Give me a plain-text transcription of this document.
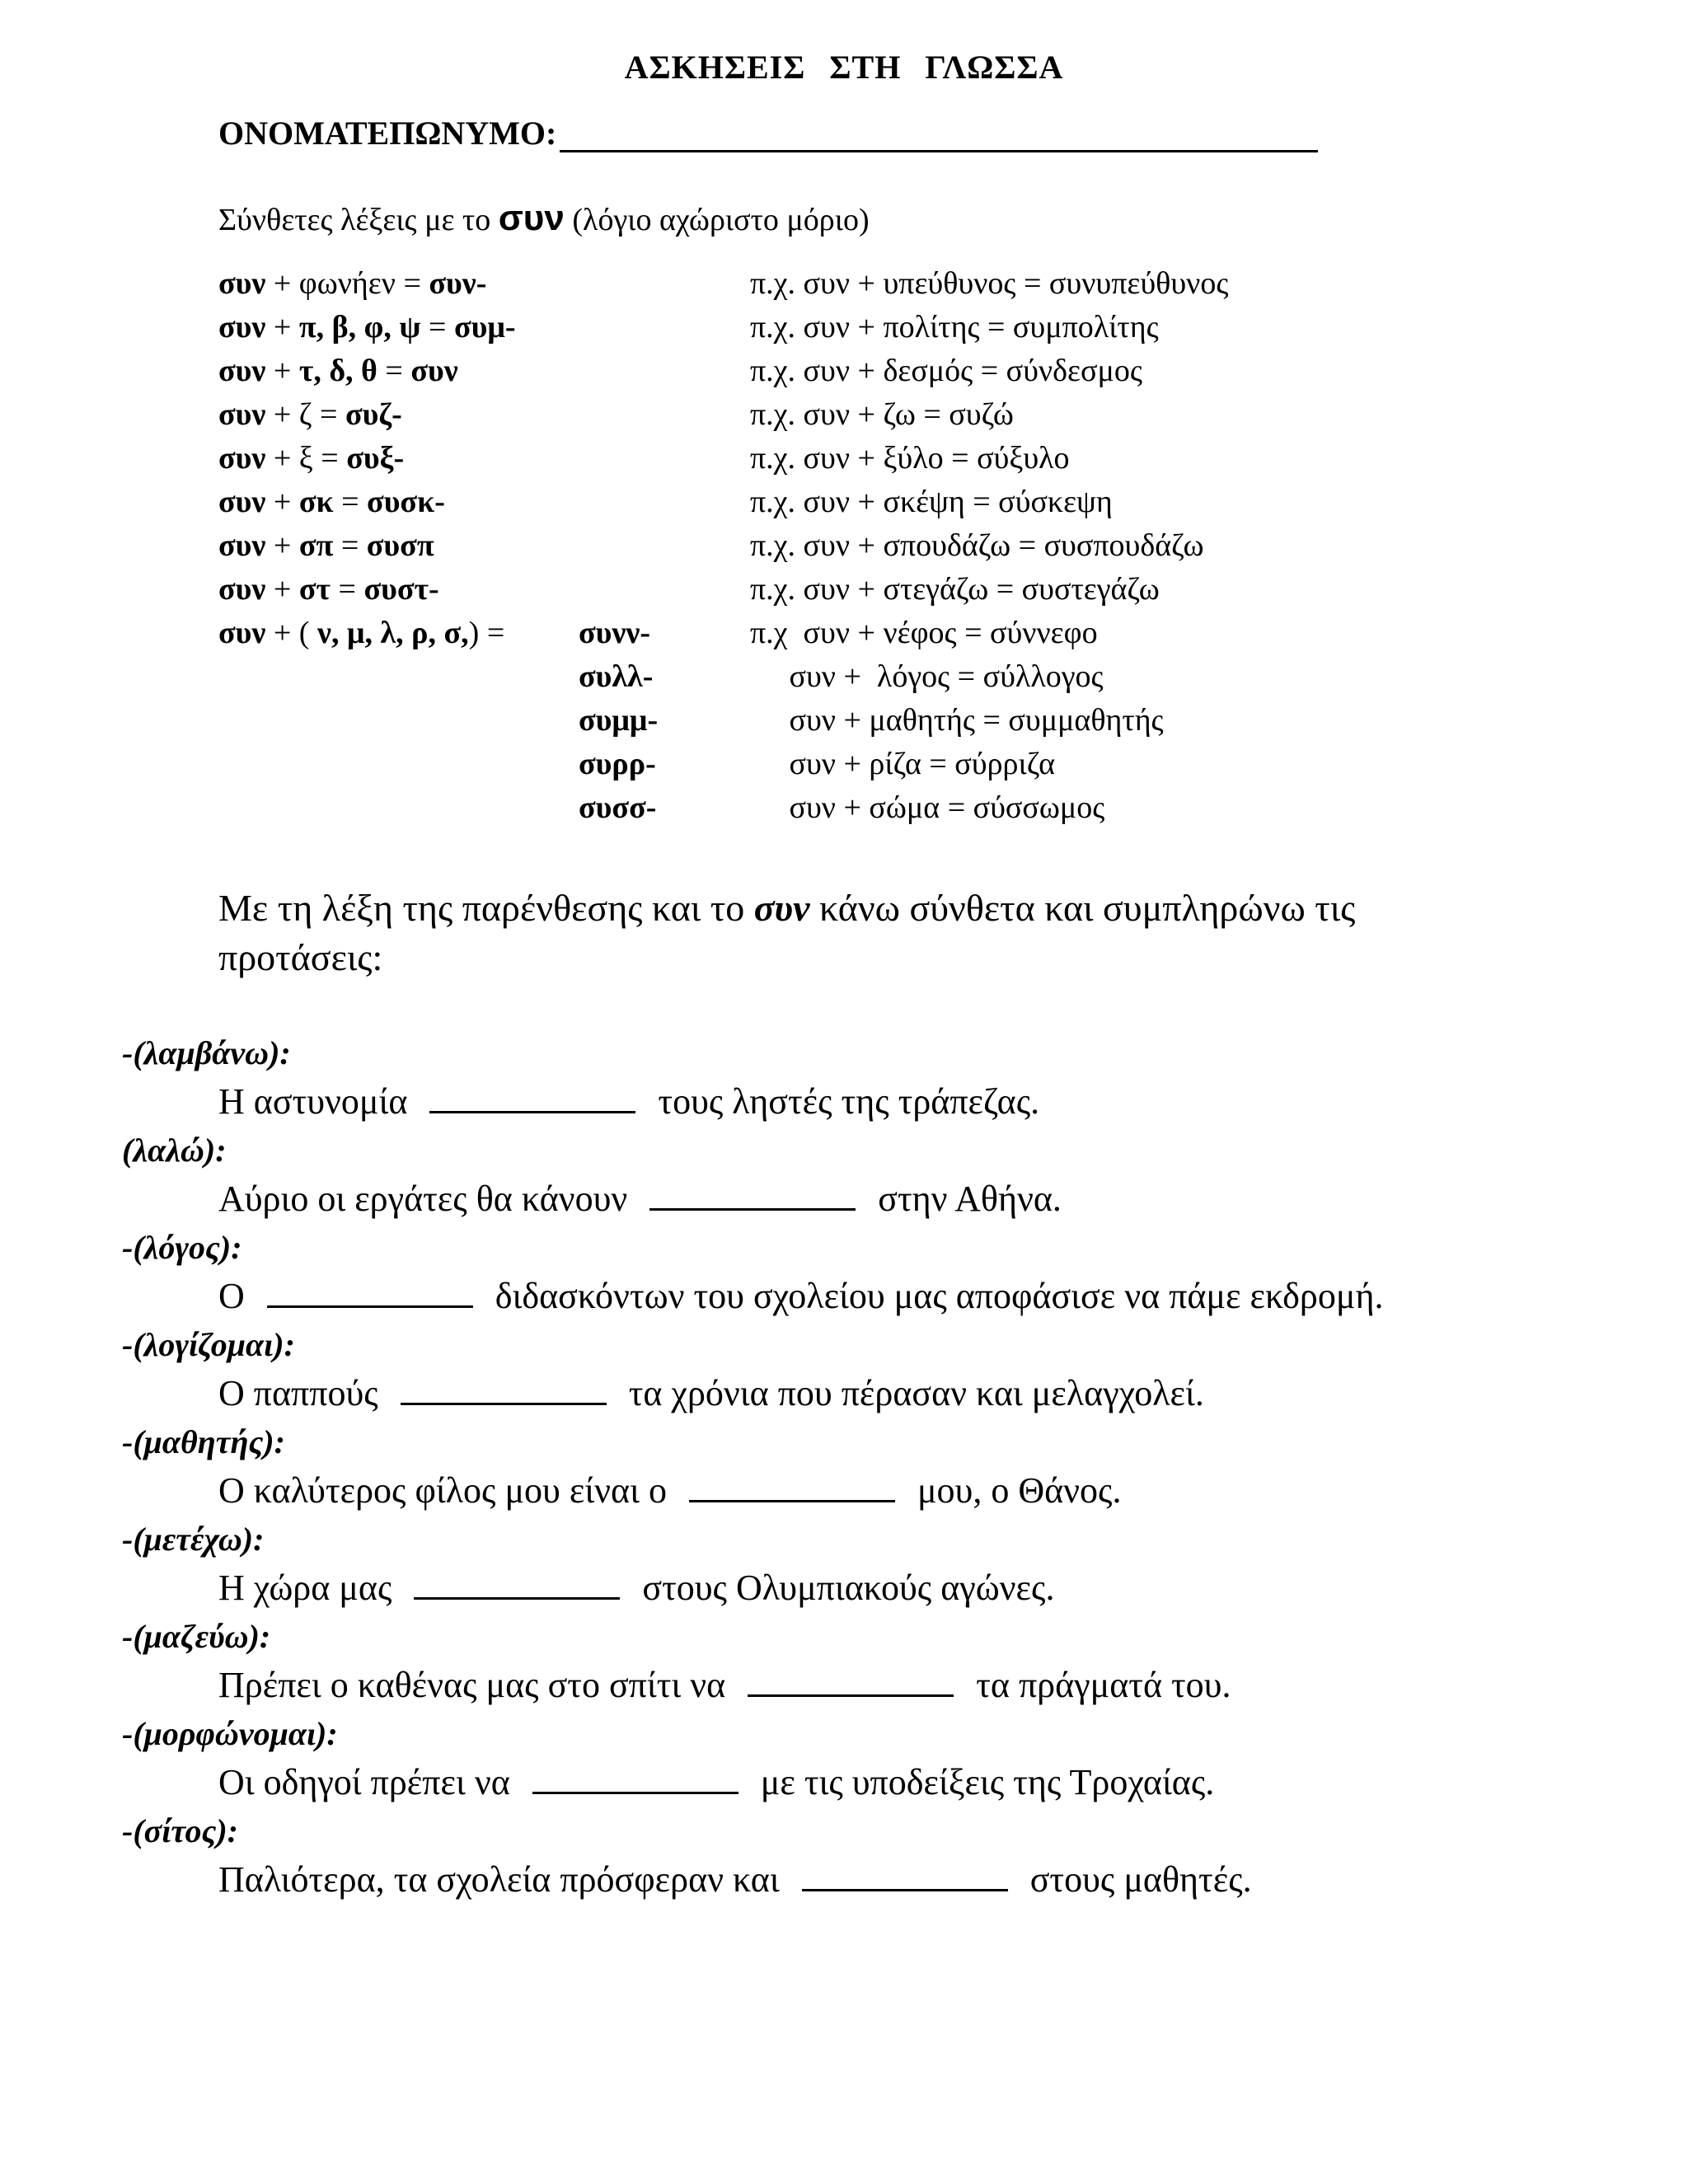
ΑΣΚΗΣΕΙΣ ΣΤΗ ΓΛΩΣΣΑ
ΟΝΟΜΑΤΕΠΩΝΥΜΟ:
Σύνθετες λέξεις με το συν (λόγιο αχώριστο μόριο)
συν + φωνήεν = συν-	π.χ. συν + υπεύθυνος = συνυπεύθυνος
συν + π, β, φ, ψ = συμ-	π.χ. συν + πολίτης = συμπολίτης
συν + τ, δ, θ = συν	π.χ. συν + δεσμός = σύνδεσμος
συν + ζ = συζ-	π.χ. συν + ζω = συζώ
συν + ξ = συξ-	π.χ. συν + ξύλο = σύξυλο
συν + σκ = συσκ-	π.χ. συν + σκέψη = σύσκεψη
συν + σπ = συσπ	π.χ. συν + σπουδάζω = συσπουδάζω
συν + στ = συστ-	π.χ. συν + στεγάζω = συστεγάζω
συν + ( ν, μ, λ, ρ, σ,) = συνν-	π.χ  συν + νέφος = σύννεφο
συλλ-	συν +  λόγος = σύλλογος
συμμ-	συν + μαθητής = συμμαθητής
συρρ-	συν + ρίζα = σύρριζα
συσσ-	συν + σώμα = σύσσωμος
Με τη λέξη της παρένθεσης και το συν κάνω σύνθετα και συμπληρώνω τις προτάσεις:
-(λαμβάνω):
Η αστυνομία	τους ληστές της τράπεζας.
(λαλώ):
Αύριο οι εργάτες θα κάνουν	στην Αθήνα.
-(λόγος):
Ο	διδασκόντων του σχολείου μας αποφάσισε να πάμε εκδρομή.
-(λογίζομαι):
Ο παππούς	τα χρόνια που πέρασαν και μελαγχολεί.
-(μαθητής):
Ο καλύτερος φίλος μου είναι ο	μου, ο Θάνος.
-(μετέχω):
Η χώρα μας	στους Ολυμπιακούς αγώνες.
-(μαζεύω):
Πρέπει ο καθένας μας στο σπίτι να	τα πράγματά του.
-(μορφώνομαι):
Οι οδηγοί πρέπει να	με τις υποδείξεις της Τροχαίας.
-(σίτος):
Παλιότερα, τα σχολεία πρόσφεραν και	στους μαθητές.
